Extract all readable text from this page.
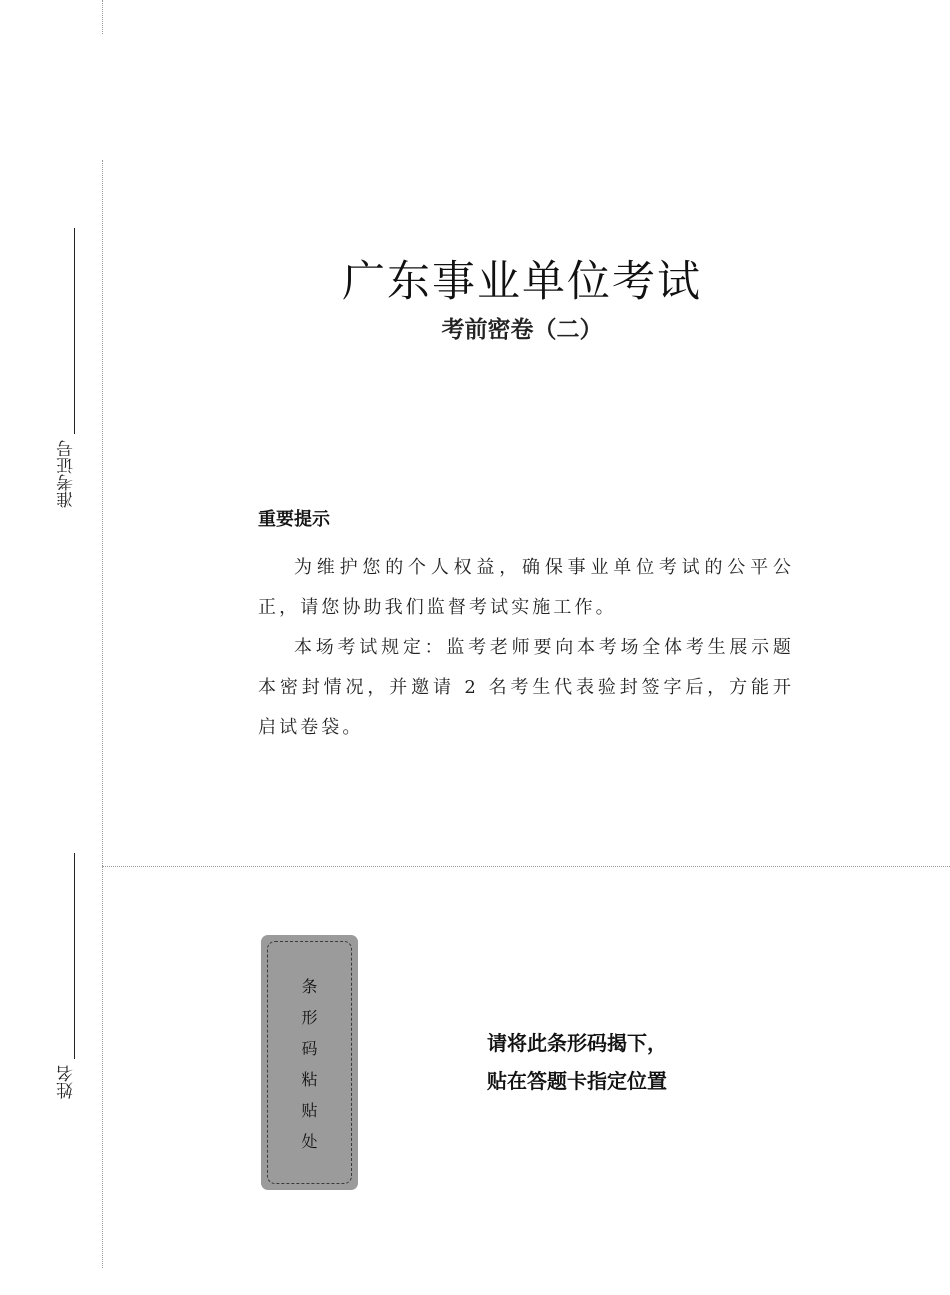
准考证号
姓名
广东事业单位考试
考前密卷（二）
重要提示

为维护您的个人权益，确保事业单位考试的公平公正，请您协助我们监督考试实施工作。

本场考试规定：监考老师要向本考场全体考生展示题本密封情况，并邀请 2 名考生代表验封签字后，方能开启试卷袋。

条
形
码
粘
贴
处
请将此条形码揭下，
贴在答题卡指定位置
